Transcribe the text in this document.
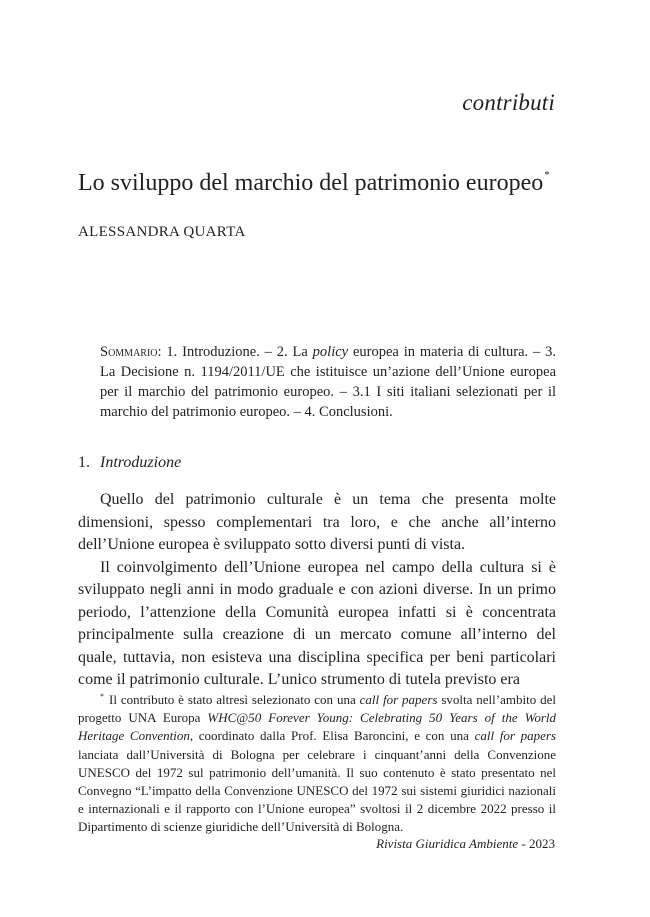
contributi
Lo sviluppo del marchio del patrimonio europeo*
ALESSANDRA QUARTA
Sommario: 1. Introduzione. – 2. La policy europea in materia di cultura. – 3. La Decisione n. 1194/2011/UE che istituisce un’azione dell’Unione europea per il marchio del patrimonio europeo. – 3.1 I siti italiani selezionati per il marchio del patrimonio europeo. – 4. Conclusioni.
1. Introduzione

Quello del patrimonio culturale è un tema che presenta molte dimensioni, spesso complementari tra loro, e che anche all’interno dell’Unione europea è sviluppato sotto diversi punti di vista.

Il coinvolgimento dell’Unione europea nel campo della cultura si è sviluppato negli anni in modo graduale e con azioni diverse. In un primo periodo, l’attenzione della Comunità europea infatti si è concentrata principalmente sulla creazione di un mercato comune all’interno del quale, tuttavia, non esisteva una disciplina specifica per beni particolari come il patrimonio culturale. L’unico strumento di tutela previsto era

* Il contributo è stato altresì selezionato con una call for papers svolta nell’ambito del progetto UNA Europa WHC@50 Forever Young: Celebrating 50 Years of the World Heritage Convention, coordinato dalla Prof. Elisa Baroncini, e con una call for papers lanciata dall’Università di Bologna per celebrare i cinquant’anni della Convenzione UNESCO del 1972 sul patrimonio dell’umanità. Il suo contenuto è stato presentato nel Convegno “L’impatto della Convenzione UNESCO del 1972 sui sistemi giuridici nazionali e internazionali e il rapporto con l’Unione europea” svoltosi il 2 dicembre 2022 presso il Dipartimento di scienze giuridiche dell’Università di Bologna.

Rivista Giuridica Ambiente - 2023
